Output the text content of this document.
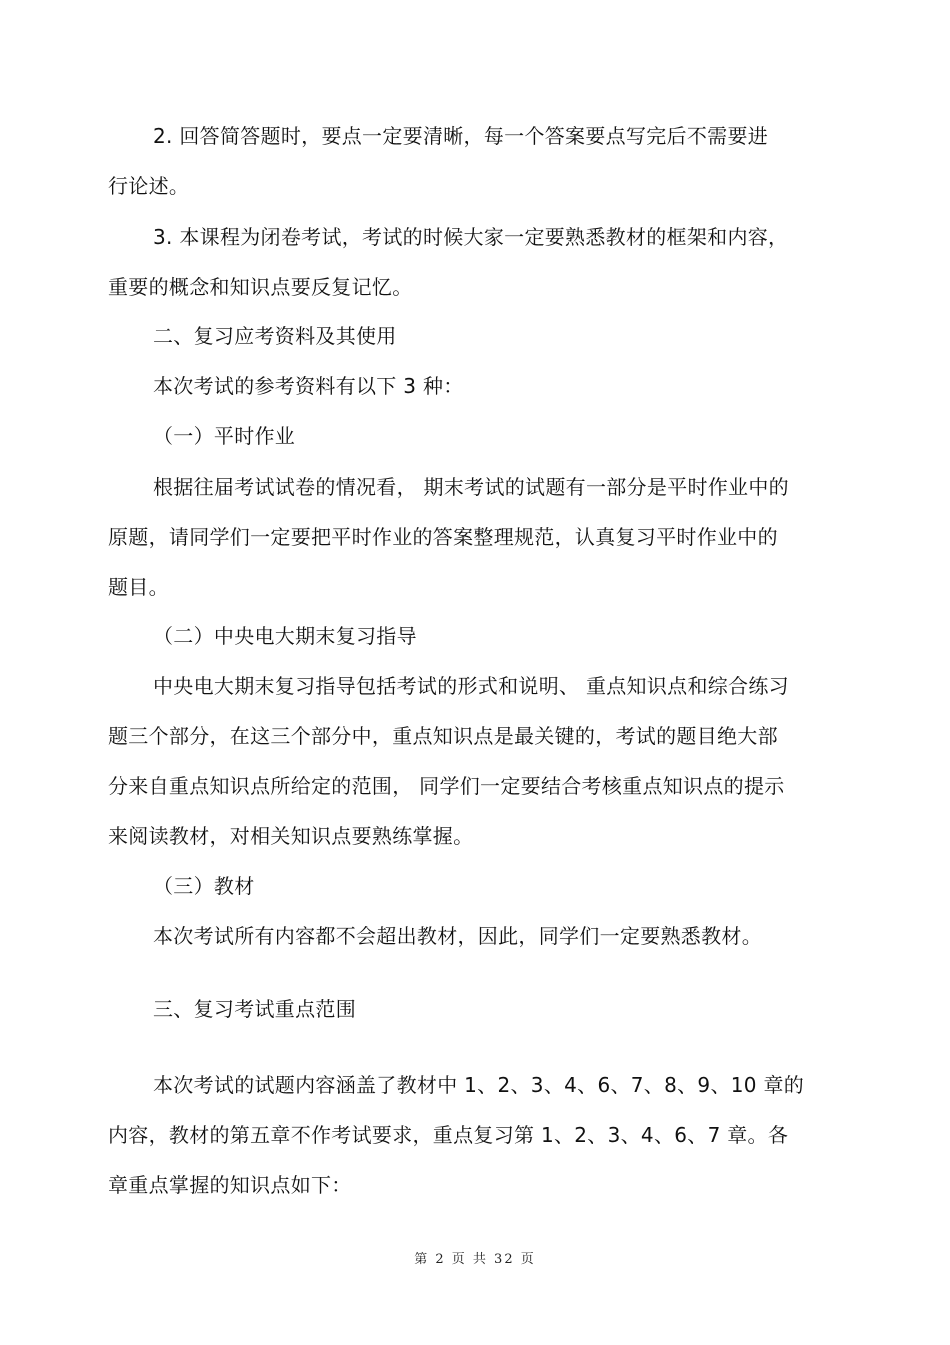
2. 回答简答题时，要点一定要清晰，每一个答案要点写完后不需要进
行论述。
3. 本课程为闭卷考试，考试的时候大家一定要熟悉教材的框架和内容，
重要的概念和知识点要反复记忆。
二、复习应考资料及其使用
本次考试的参考资料有以下 3 种：
（一）平时作业
根据往届考试试卷的情况看， 期末考试的试题有一部分是平时作业中的
原题，请同学们一定要把平时作业的答案整理规范，认真复习平时作业中的
题目。
（二）中央电大期末复习指导
中央电大期末复习指导包括考试的形式和说明、 重点知识点和综合练习
题三个部分，在这三个部分中，重点知识点是最关键的，考试的题目绝大部
分来自重点知识点所给定的范围， 同学们一定要结合考核重点知识点的提示
来阅读教材，对相关知识点要熟练掌握。
（三）教材
本次考试所有内容都不会超出教材，因此，同学们一定要熟悉教材。
三、复习考试重点范围
本次考试的试题内容涵盖了教材中 1、2、3、4、6、7、8、9、10 章的
内容，教材的第五章不作考试要求，重点复习第 1、2、3、4、6、7 章。各
章重点掌握的知识点如下：
第 2 页 共 32 页
